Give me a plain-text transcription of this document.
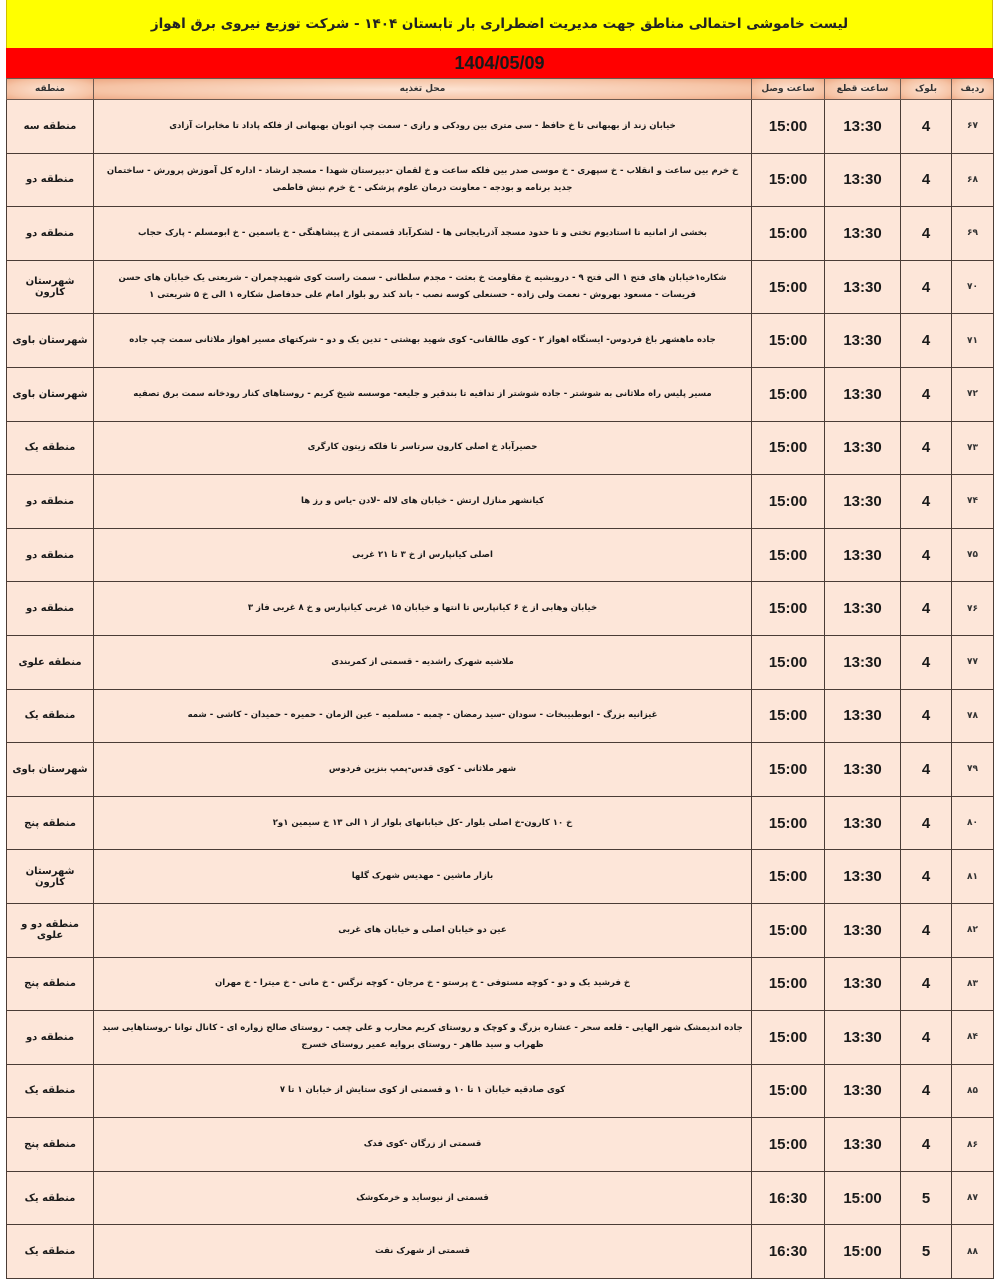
لیست خاموشی احتمالی مناطق جهت مدیریت اضطراری بار تابستان ۱۴۰۴ - شرکت توزیع نیروی برق اهواز
1404/05/09
ردیف	بلوک	ساعت قطع	ساعت وصل	محل تغذیه	منطقه
۶۷	4	13:30	15:00	خیابان زند از بهبهانی تا خ حافظ - سی متری بین رودکی و رازی - سمت چپ اتوبان بهبهانی از فلکه پاداد تا مخابرات آزادی	منطقه سه
۶۸	4	13:30	15:00	خ خرم بین ساعت و انقلاب - خ سپهری - خ موسی صدر بین فلکه ساعت و خ لقمان -دبیرستان شهدا - مسجد ارشاد - اداره کل آموزش پرورش - ساختمان جدید برنامه و بودجه - معاونت درمان علوم پزشکی - خ خرم نبش فاطمی	منطقه دو
۶۹	4	13:30	15:00	بخشی از امانیه تا استادیوم تختی و تا حدود مسجد آذربایجانی ها - لشکرآباد قسمتی از خ پیشاهنگی - خ یاسمین - خ ابومسلم - پارک حجاب	منطقه دو
۷۰	4	13:30	15:00	شکاره۱خیابان های فتح ۱ الی فتح ۹ - درویشیه خ مقاومت خ بعثت - مجدم سلطانی - سمت راست کوی شهیدچمران - شریعتی یک خیابان های حسن فریسات - مسعود بهروش - نعمت ولی زاده - حسنعلی کوسه نصب - باند کند رو بلوار امام علی حدفاصل شکاره ۱ الی خ ۵ شریعتی ۱	شهرستان کارون
۷۱	4	13:30	15:00	جاده ماهشهر باغ فردوس- ایستگاه اهواز ۲ - کوی طالقانی- کوی شهید بهشتی - تدین یک و دو - شرکتهای مسیر اهواز ملاثانی سمت چپ جاده	شهرستان باوی
۷۲	4	13:30	15:00	مسیر پلیس راه ملاثانی به شوشتر - جاده شوشتر از تدافیه تا بندقیر و جلیعه- موسسه شیخ کریم - روستاهای کنار رودخانه سمت برق تصفیه	شهرستان باوی
۷۳	4	13:30	15:00	حصیرآباد خ اصلی کارون سرتاسر تا فلکه زیتون کارگری	منطقه یک
۷۴	4	13:30	15:00	کیانشهر منازل ارتش - خیابان های لاله -لادن -یاس و رز ها	منطقه دو
۷۵	4	13:30	15:00	اصلی کیانپارس از خ ۳ تا ۲۱ غربی	منطقه دو
۷۶	4	13:30	15:00	خیابان وهابی از خ ۶ کیانپارس تا انتها و خیابان ۱۵ غربی کیانپارس و خ ۸ غربی فاز ۳	منطقه دو
۷۷	4	13:30	15:00	ملاشیه شهرک راشدیه - قسمتی از کمربندی	منطقه علوی
۷۸	4	13:30	15:00	غیزانیه بزرگ - ابوطبیبخات - سودان -سید رمضان - چمبه - مسلمیه - عین الزمان - حمیره - حمیدان - کاشی - شمه	منطقه یک
۷۹	4	13:30	15:00	شهر ملاثانی - کوی قدس-پمپ بنزین فردوس	شهرستان باوی
۸۰	4	13:30	15:00	خ ۱۰ کارون-خ اصلی بلوار -کل خیابانهای بلوار از ۱ الی ۱۳ خ سیمین ۱و۲	منطقه پنج
۸۱	4	13:30	15:00	بازار ماشین - مهدیس شهرک گلها	شهرستان کارون
۸۲	4	13:30	15:00	عین دو خیابان اصلی و خیابان های غربی	منطقه دو و علوی
۸۳	4	13:30	15:00	خ فرشید یک و دو - کوچه مستوفی - خ پرستو - خ مرجان - کوچه نرگس - خ مانی - خ میترا - خ مهران	منطقه پنج
۸۴	4	13:30	15:00	جاده اندیمشک شهر الهایی - قلعه سحر - عشاره بزرگ و کوچک و روستای کریم محارب و علی چعب - روستای صالح زواره ای - کانال توانا -روستاهایی سید ظهراب و سید طاهر - روستای بروایه عمیر روستای خسرج	منطقه دو
۸۵	4	13:30	15:00	کوی صادقیه خیابان ۱ تا ۱۰ و قسمتی از کوی ستایش از خیابان ۱ تا ۷	منطقه یک
۸۶	4	13:30	15:00	قسمتی از زرگان -کوی فدک	منطقه پنج
۸۷	5	15:00	16:30	قسمتی از نیوساید و خرمکوشک	منطقه یک
۸۸	5	15:00	16:30	قسمتی از شهرک نفت	منطقه یک
